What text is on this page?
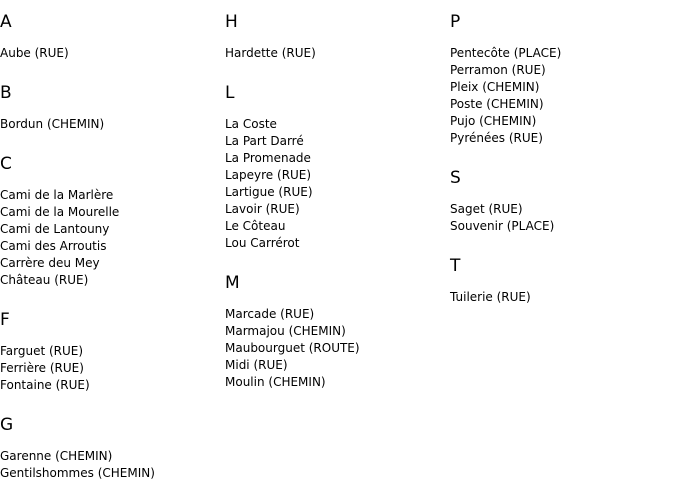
A
Aube (RUE)
B
Bordun (CHEMIN)
C
Cami de la Marlère
Cami de la Mourelle
Cami de Lantouny
Cami des Arroutis
Carrère deu Mey
Château (RUE)
F
Farguet (RUE)
Ferrière (RUE)
Fontaine (RUE)
G
Garenne (CHEMIN)
Gentilshommes (CHEMIN)
H
Hardette (RUE)
L
La Coste
La Part Darré
La Promenade
Lapeyre (RUE)
Lartigue (RUE)
Lavoir (RUE)
Le Côteau
Lou Carrérot
M
Marcade (RUE)
Marmajou (CHEMIN)
Maubourguet (ROUTE)
Midi (RUE)
Moulin (CHEMIN)
P
Pentecôte (PLACE)
Perramon (RUE)
Pleix (CHEMIN)
Poste (CHEMIN)
Pujo (CHEMIN)
Pyrénées (RUE)
S
Saget (RUE)
Souvenir (PLACE)
T
Tuilerie (RUE)
